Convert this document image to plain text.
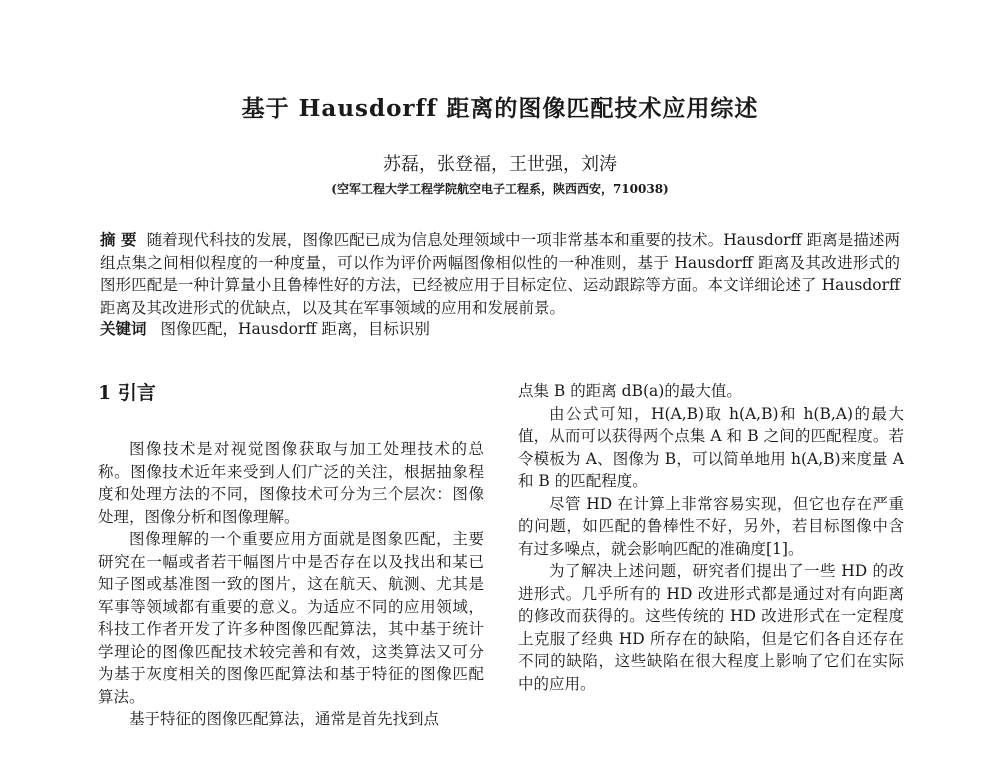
基于 Hausdorff 距离的图像匹配技术应用综述
苏磊，张登福，王世强，刘涛
(空军工程大学工程学院航空电子工程系，陕西西安，710038)
摘 要 随着现代科技的发展，图像匹配已成为信息处理领域中一项非常基本和重要的技术。Hausdorff 距离是描述两组点集之间相似程度的一种度量，可以作为评价两幅图像相似性的一种准则，基于 Hausdorff 距离及其改进形式的图形匹配是一种计算量小且鲁棒性好的方法，已经被应用于目标定位、运动跟踪等方面。本文详细论述了 Hausdorff 距离及其改进形式的优缺点，以及其在军事领域的应用和发展前景。
关键词 图像匹配，Hausdorff 距离，目标识别
1 引言

图像技术是对视觉图像获取与加工处理技术的总称。图像技术近年来受到人们广泛的关注，根据抽象程度和处理方法的不同，图像技术可分为三个层次：图像处理，图像分析和图像理解。

图像理解的一个重要应用方面就是图象匹配，主要研究在一幅或者若干幅图片中是否存在以及找出和某已知子图或基准图一致的图片，这在航天、航测、尤其是军事等领域都有重要的意义。为适应不同的应用领域，科技工作者开发了许多种图像匹配算法，其中基于统计学理论的图像匹配技术较完善和有效，这类算法又可分为基于灰度相关的图像匹配算法和基于特征的图像匹配算法。

基于特征的图像匹配算法，通常是首先找到点

点集 B 的距离 dB(a)的最大值。

由公式可知，H(A,B)取 h(A,B)和 h(B,A)的最大值，从而可以获得两个点集 A 和 B 之间的匹配程度。若令模板为 A、图像为 B，可以简单地用 h(A,B)来度量 A 和 B 的匹配程度。

尽管 HD 在计算上非常容易实现，但它也存在严重的问题，如匹配的鲁棒性不好，另外，若目标图像中含有过多噪点，就会影响匹配的准确度[1]。

为了解决上述问题，研究者们提出了一些 HD 的改进形式。几乎所有的 HD 改进形式都是通过对有向距离的修改而获得的。这些传统的 HD 改进形式在一定程度上克服了经典 HD 所存在的缺陷，但是它们各自还存在不同的缺陷，这些缺陷在很大程度上影响了它们在实际中的应用。
